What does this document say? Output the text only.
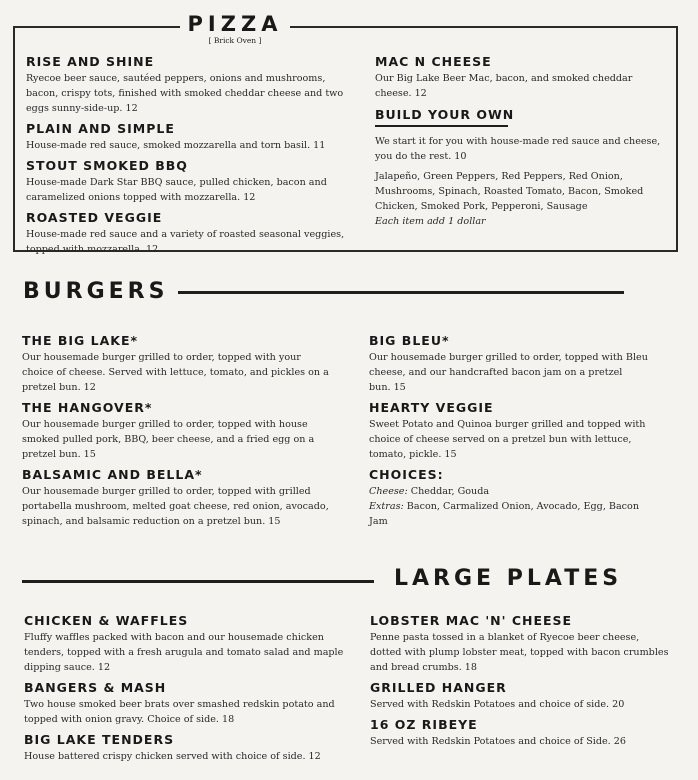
PIZZA
[ Brick Oven ]

RISE AND SHINE

Ryecoe beer sauce, sautéed peppers, onions and mushrooms, bacon, crispy tots, finished with smoked cheddar cheese and two eggs sunny-side-up. 12

PLAIN AND SIMPLE

House-made red sauce, smoked mozzarella and torn basil. 11

STOUT SMOKED BBQ

House-made Dark Star BBQ sauce, pulled chicken, bacon and caramelized onions topped with mozzarella. 12

ROASTED VEGGIE

House-made red sauce and a variety of roasted seasonal veggies, topped with mozzarella. 12

MAC N CHEESE

Our Big Lake Beer Mac, bacon, and smoked cheddar cheese. 12

BUILD YOUR OWN

We start it for you with house-made red sauce and cheese, you do the rest. 10

Jalapeño, Green Peppers, Red Peppers, Red Onion, Mushrooms, Spinach, Roasted Tomato, Bacon, Smoked Chicken, Smoked Pork, Pepperoni, Sausage

Each item add 1 dollar

BURGERS

THE BIG LAKE*

Our housemade burger grilled to order, topped with your choice of cheese. Served with lettuce, tomato, and pickles on a pretzel bun. 12

THE HANGOVER*

Our housemade burger grilled to order, topped with house smoked pulled pork, BBQ, beer cheese, and a fried egg on a pretzel bun. 15

BALSAMIC AND BELLA*

Our housemade burger grilled to order, topped with grilled portabella mushroom, melted goat cheese, red onion, avocado, spinach, and balsamic reduction on a pretzel bun. 15

BIG BLEU*

Our housemade burger grilled to order, topped with Bleu cheese, and our handcrafted bacon jam on a pretzel bun. 15

HEARTY VEGGIE

Sweet Potato and Quinoa burger grilled and topped with choice of cheese served on a pretzel bun with lettuce, tomato, pickle. 15

CHOICES:

Cheese: Cheddar, Gouda

Extras: Bacon, Carmalized Onion, Avocado, Egg, Bacon Jam

LARGE PLATES

CHICKEN & WAFFLES

Fluffy waffles packed with bacon and our housemade chicken tenders, topped with a fresh arugula and tomato salad and maple dipping sauce. 12

BANGERS & MASH

Two house smoked beer brats over smashed redskin potato and topped with onion gravy. Choice of side. 18

BIG LAKE TENDERS

House battered crispy chicken served with choice of side. 12

LOBSTER MAC 'N' CHEESE

Penne pasta tossed in a blanket of Ryecoe beer cheese, dotted with plump lobster meat, topped with bacon crumbles and bread crumbs. 18

GRILLED HANGER

Served with Redskin Potatoes and choice of side. 20

16 OZ RIBEYE

Served with Redskin Potatoes and choice of Side. 26
